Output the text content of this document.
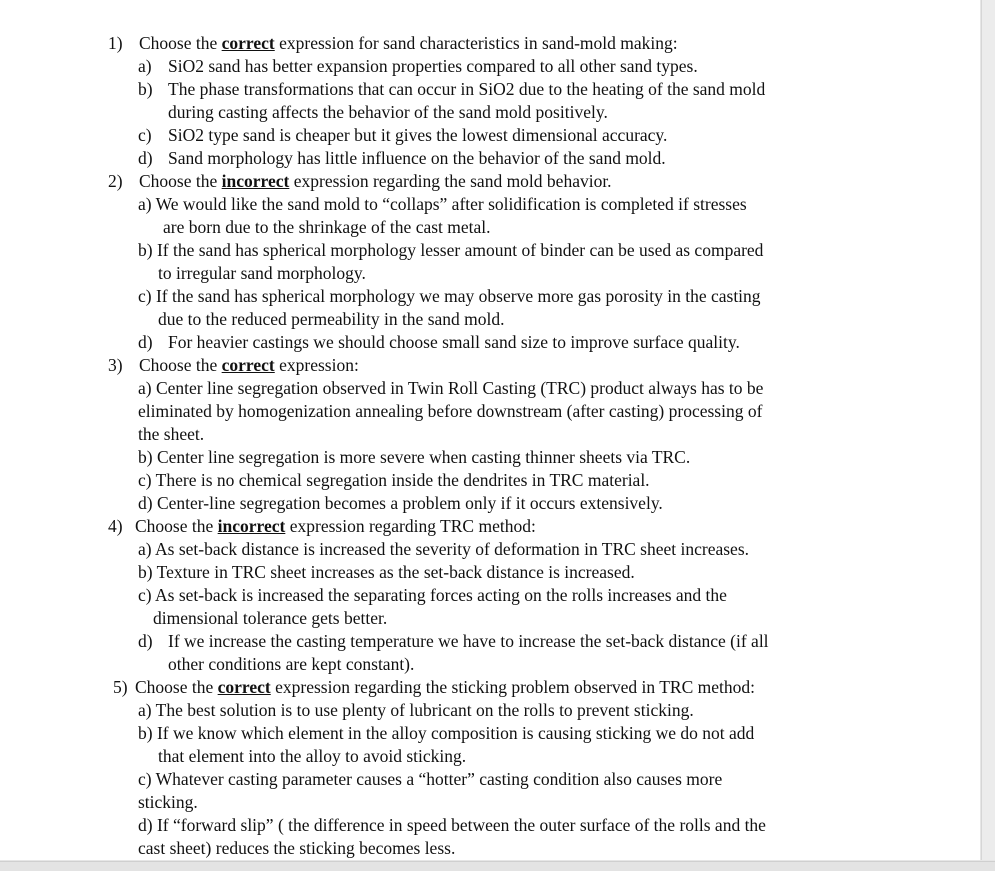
1) Choose the correct expression for sand characteristics in sand-mold making:
a) SiO2 sand has better expansion properties compared to all other sand types.
b) The phase transformations that can occur in SiO2 due to the heating of the sand mold
during casting affects the behavior of the sand mold positively.
c) SiO2 type sand is cheaper but it gives the lowest dimensional accuracy.
d) Sand morphology has little influence on the behavior of the sand mold.
2) Choose the incorrect expression regarding the sand mold behavior.
a) We would like the sand mold to “collaps” after solidification is completed if stresses
are born due to the shrinkage of the cast metal.
b) If the sand has spherical morphology lesser amount of binder can be used as compared
to irregular sand morphology.
c) If the sand has spherical morphology we may observe more gas porosity in the casting
due to the reduced permeability in the sand mold.
d) For heavier castings we should choose small sand size to improve surface quality.
3) Choose the correct expression:
a) Center line segregation observed in Twin Roll Casting (TRC) product always has to be
eliminated by homogenization annealing before downstream (after casting) processing of
the sheet.
b) Center line segregation is more severe when casting thinner sheets via TRC.
c) There is no chemical segregation inside the dendrites in TRC material.
d) Center-line segregation becomes a problem only if it occurs extensively.
4) Choose the incorrect expression regarding TRC method:
a) As set-back distance is increased the severity of deformation in TRC sheet increases.
b) Texture in TRC sheet increases as the set-back distance is increased.
c) As set-back is increased the separating forces acting on the rolls increases and the
dimensional tolerance gets better.
d) If we increase the casting temperature we have to increase the set-back distance (if all
other conditions are kept constant).
5) Choose the correct expression regarding the sticking problem observed in TRC method:
a) The best solution is to use plenty of lubricant on the rolls to prevent sticking.
b) If we know which element in the alloy composition is causing sticking we do not add
that element into the alloy to avoid sticking.
c) Whatever casting parameter causes a “hotter” casting condition also causes more
sticking.
d) If “forward slip” ( the difference in speed between the outer surface of the rolls and the
cast sheet) reduces the sticking becomes less.
